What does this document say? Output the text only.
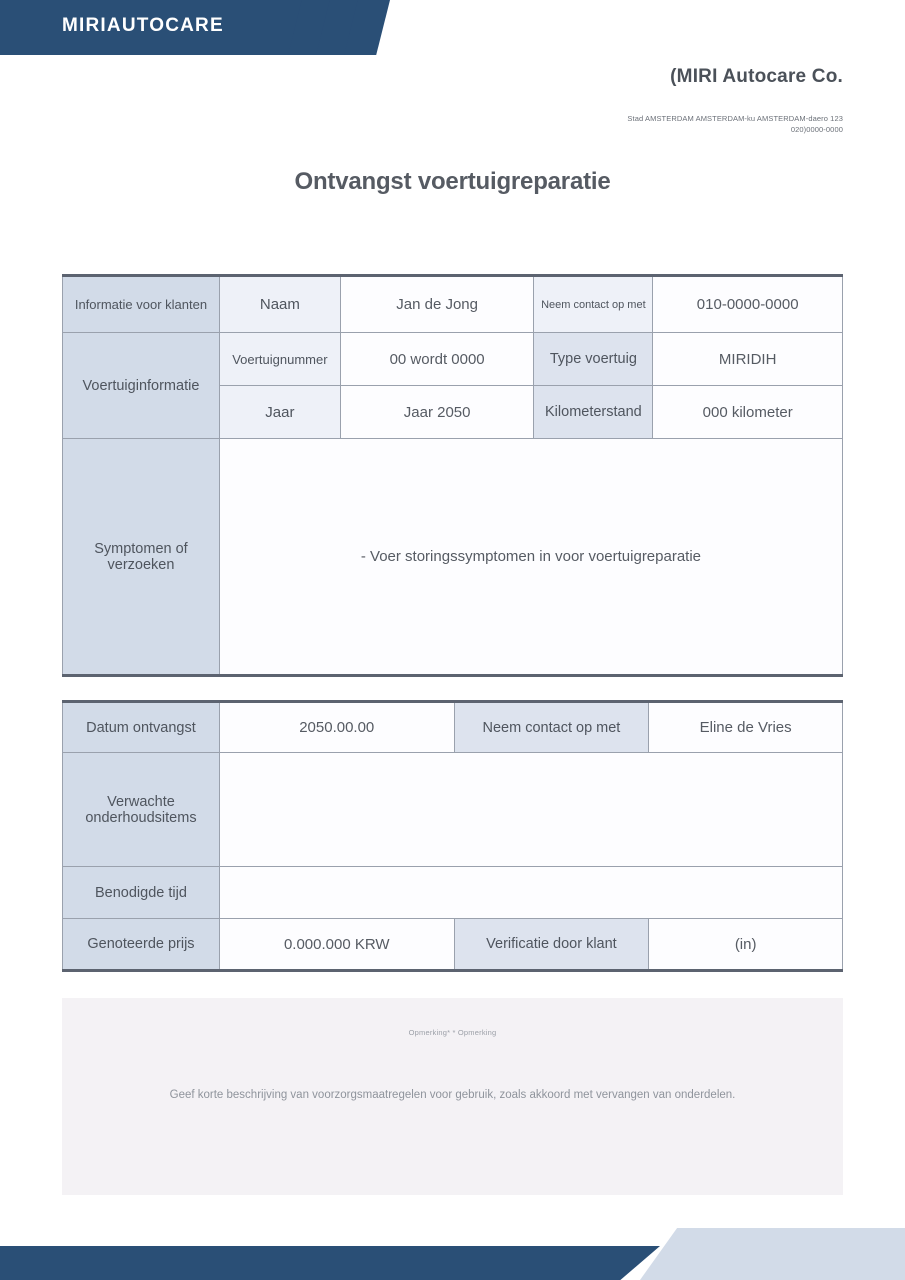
MIRIAUTOCARE
(MIRI Autocare Co.
Stad AMSTERDAM AMSTERDAM-ku AMSTERDAM-daero 123
020)0000-0000
Ontvangst voertuigreparatie
Informatie voor klanten	Naam	Jan de Jong	Neem contact op met	010-0000-0000
Voertuiginformatie	Voertuignummer	00 wordt 0000	Type voertuig	MIRIDIH
	Jaar	Jaar 2050	Kilometerstand	000 kilometer
Symptomen of verzoeken	- Voer storingssymptomen in voor voertuigreparatie			
Datum ontvangst	2050.00.00	Neem contact op met	Eline de Vries
Verwachte onderhoudsitems			
Benodigde tijd			
Genoteerde prijs	0.000.000 KRW	Verificatie door klant	(in)
Opmerking* * Opmerking
Geef korte beschrijving van voorzorgsmaatregelen voor gebruik, zoals akkoord met vervangen van onderdelen.
